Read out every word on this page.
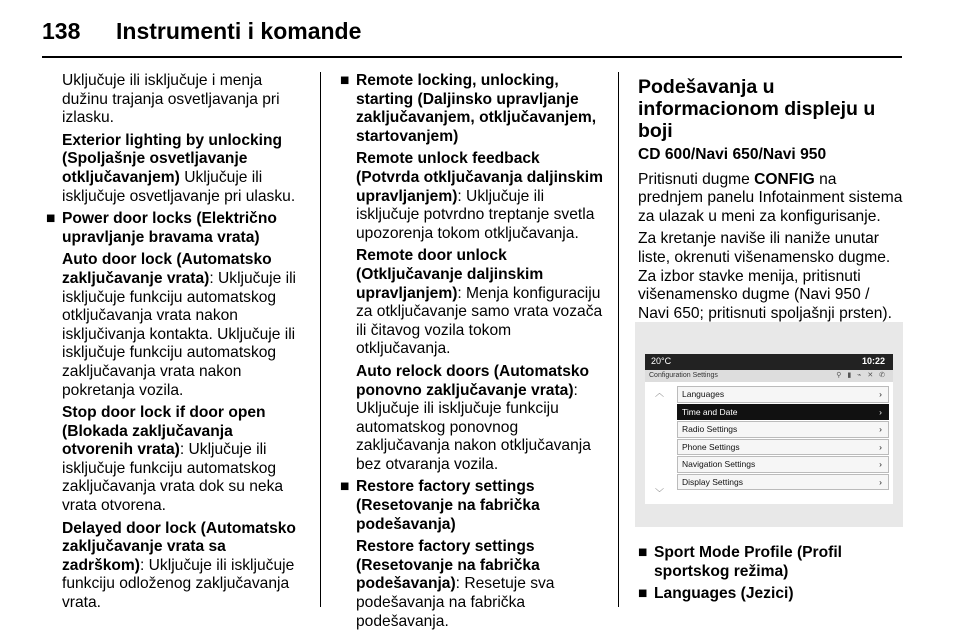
138 Instrumenti i komande

Uključuje ili isključuje i menja dužinu trajanja osvetljavanja pri izlasku.

Exterior lighting by unlocking (Spoljašnje osvetljavanje otključavanjem) Uključuje ili isključuje osvetljavanje pri ulasku.

■ Power door locks (Električno upravljanje bravama vrata)

Auto door lock (Automatsko zaključavanje vrata): Uključuje ili isključuje funkciju automatskog otključavanja vrata nakon isključivanja kontakta. Uključuje ili isključuje funkciju automatskog zaključavanja vrata nakon pokretanja vozila.

Stop door lock if door open (Blokada zaključavanja otvorenih vrata): Uključuje ili isključuje funkciju automatskog zaključavanja vrata dok su neka vrata otvorena.

Delayed door lock (Automatsko zaključavanje vrata sa zadrškom): Uključuje ili isključuje funkciju odloženog zaključavanja vrata.

■ Remote locking, unlocking, starting (Daljinsko upravljanje zaključavanjem, otključavanjem, startovanjem)

Remote unlock feedback (Potvrda otključavanja daljinskim upravljanjem): Uključuje ili isključuje potvrdno treptanje svetla upozorenja tokom otključavanja.

Remote door unlock (Otključavanje daljinskim upravljanjem): Menja konfiguraciju za otključavanje samo vrata vozača ili čitavog vozila tokom otključavanja.

Auto relock doors (Automatsko ponovno zaključavanje vrata): Uključuje ili isključuje funkciju automatskog ponovnog zaključavanja nakon otključavanja bez otvaranja vozila.

■ Restore factory settings (Resetovanje na fabrička podešavanja)

Restore factory settings (Resetovanje na fabrička podešavanja): Resetuje sva podešavanja na fabrička podešavanja.

Podešavanja u informacionom displeju u boji
CD 600/Navi 650/Navi 950

Pritisnuti dugme CONFIG na prednjem panelu Infotainment sistema za ulazak u meni za konfigurisanje.

Za kretanje naviše ili naniže unutar liste, okrenuti višenamensko dugme. Za izbor stavke menija, pritisnuti višenamensko dugme (Navi 950 / Navi 650; pritisnuti spoljašnji prsten).

20°C	10:22
Configuration Settings	⚲ ▮ ⌁ ✕ ✆
︿
﹀
Languages	›
Time and Date	›
Radio Settings	›
Phone Settings	›
Navigation Settings	›
Display Settings	›
■ Sport Mode Profile (Profil sportskog režima)
■ Languages (Jezici)
